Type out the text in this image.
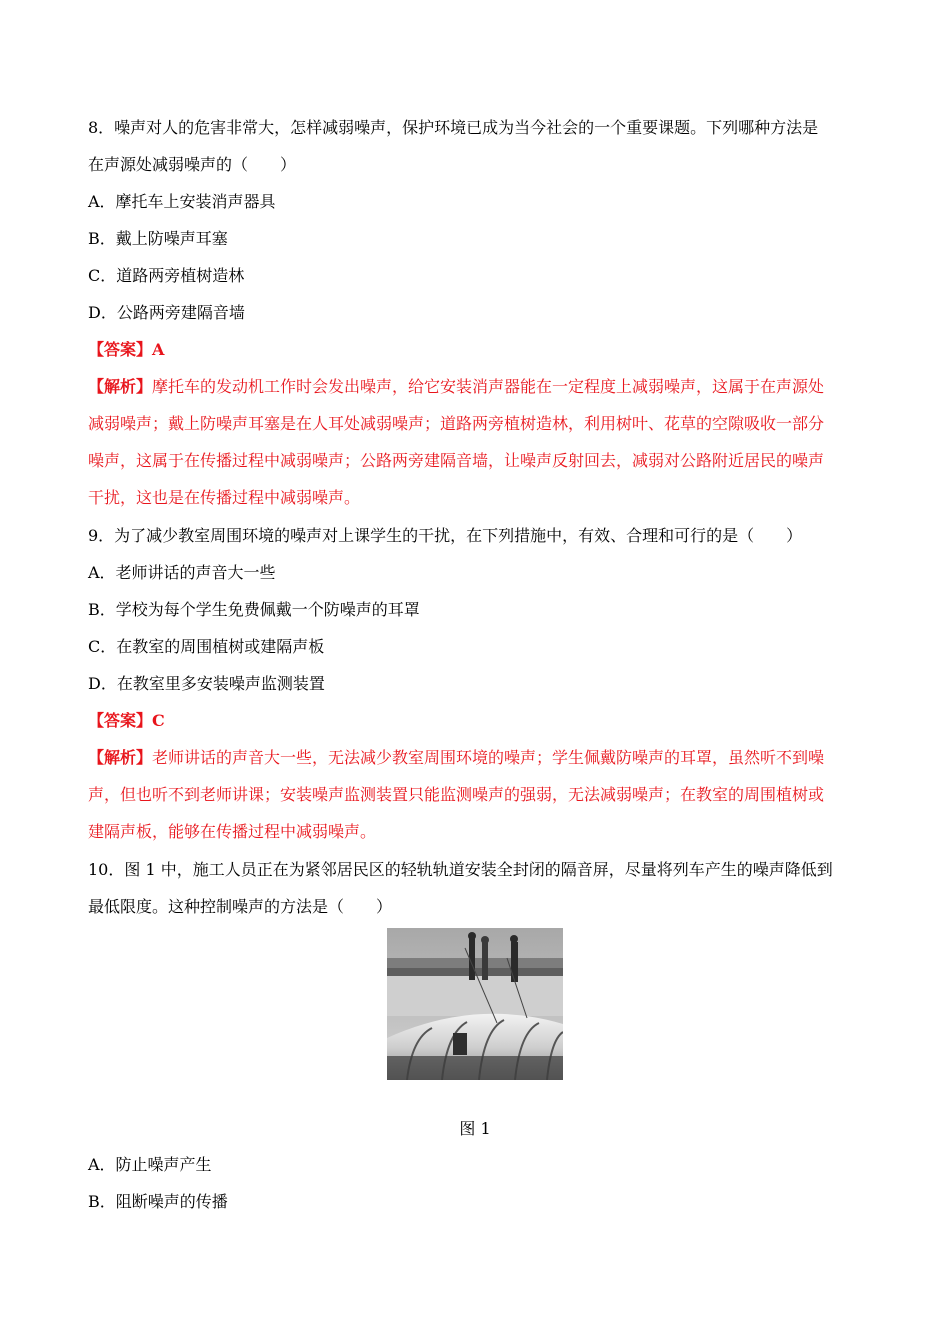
8．噪声对人的危害非常大，怎样减弱噪声，保护环境已成为当今社会的一个重要课题。下列哪种方法是
在声源处减弱噪声的（　　）
A．摩托车上安装消声器具
B．戴上防噪声耳塞
C．道路两旁植树造林
D．公路两旁建隔音墙
【答案】A
【解析】摩托车的发动机工作时会发出噪声，给它安装消声器能在一定程度上减弱噪声，这属于在声源处
减弱噪声；戴上防噪声耳塞是在人耳处减弱噪声；道路两旁植树造林，利用树叶、花草的空隙吸收一部分
噪声，这属于在传播过程中减弱噪声；公路两旁建隔音墙，让噪声反射回去，减弱对公路附近居民的噪声
干扰，这也是在传播过程中减弱噪声。
9．为了减少教室周围环境的噪声对上课学生的干扰，在下列措施中，有效、合理和可行的是（　　）
A．老师讲话的声音大一些
B．学校为每个学生免费佩戴一个防噪声的耳罩
C．在教室的周围植树或建隔声板
D．在教室里多安装噪声监测装置
【答案】C
【解析】老师讲话的声音大一些，无法减少教室周围环境的噪声；学生佩戴防噪声的耳罩，虽然听不到噪
声，但也听不到老师讲课；安装噪声监测装置只能监测噪声的强弱，无法减弱噪声；在教室的周围植树或
建隔声板，能够在传播过程中减弱噪声。
10．图 1 中，施工人员正在为紧邻居民区的轻轨轨道安装全封闭的隔音屏，尽量将列车产生的噪声降低到
最低限度。这种控制噪声的方法是（　　）
图 1
A．防止噪声产生
B．阻断噪声的传播
